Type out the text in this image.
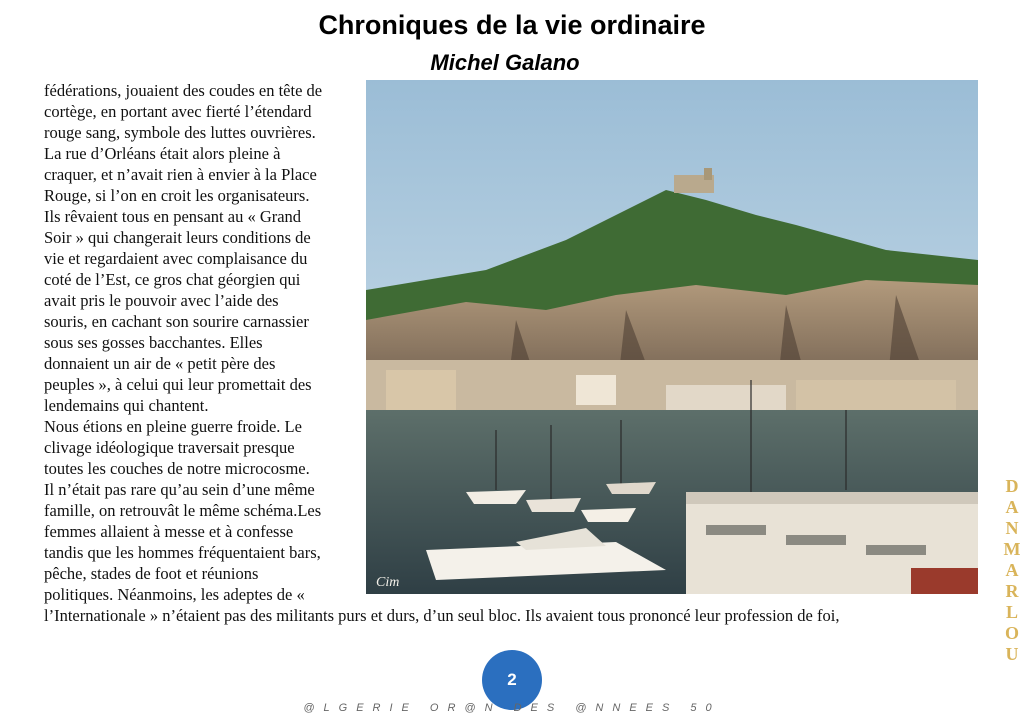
Chroniques de la vie ordinaire
Michel Galano
fédérations, jouaient des coudes en tête de
cortège, en portant avec fierté l’étendard
rouge sang, symbole des luttes ouvrières.
La rue d’Orléans était alors pleine à
craquer, et n’avait rien à envier à la Place
Rouge, si l’on en croit les organisateurs.
Ils rêvaient tous en pensant au « Grand
Soir » qui changerait leurs conditions de
vie et regardaient avec complaisance du
coté de l’Est, ce gros chat géorgien qui
avait pris le pouvoir avec l’aide des
souris, en cachant son sourire carnassier
sous ses gosses bacchantes. Elles
donnaient un air de « petit père des
peuples », à celui qui leur promettait des
lendemains qui chantent.
Nous étions en pleine guerre froide. Le
clivage idéologique traversait presque
toutes les couches de notre microcosme.
Il n’était pas rare qu’au sein d’une même
famille, on retrouvât le même schéma.Les
femmes allaient à messe et à confesse
tandis que les hommes fréquentaient bars,
pêche, stades de foot et réunions
politiques. Néanmoins, les adeptes de «
Cim
l’Internationale » n’étaient pas des militants purs et durs, d’un seul bloc. Ils avaient tous prononcé leur profession de foi,
2
@LGERIE OR@N DES @NNEES 50
DANMARLOU
